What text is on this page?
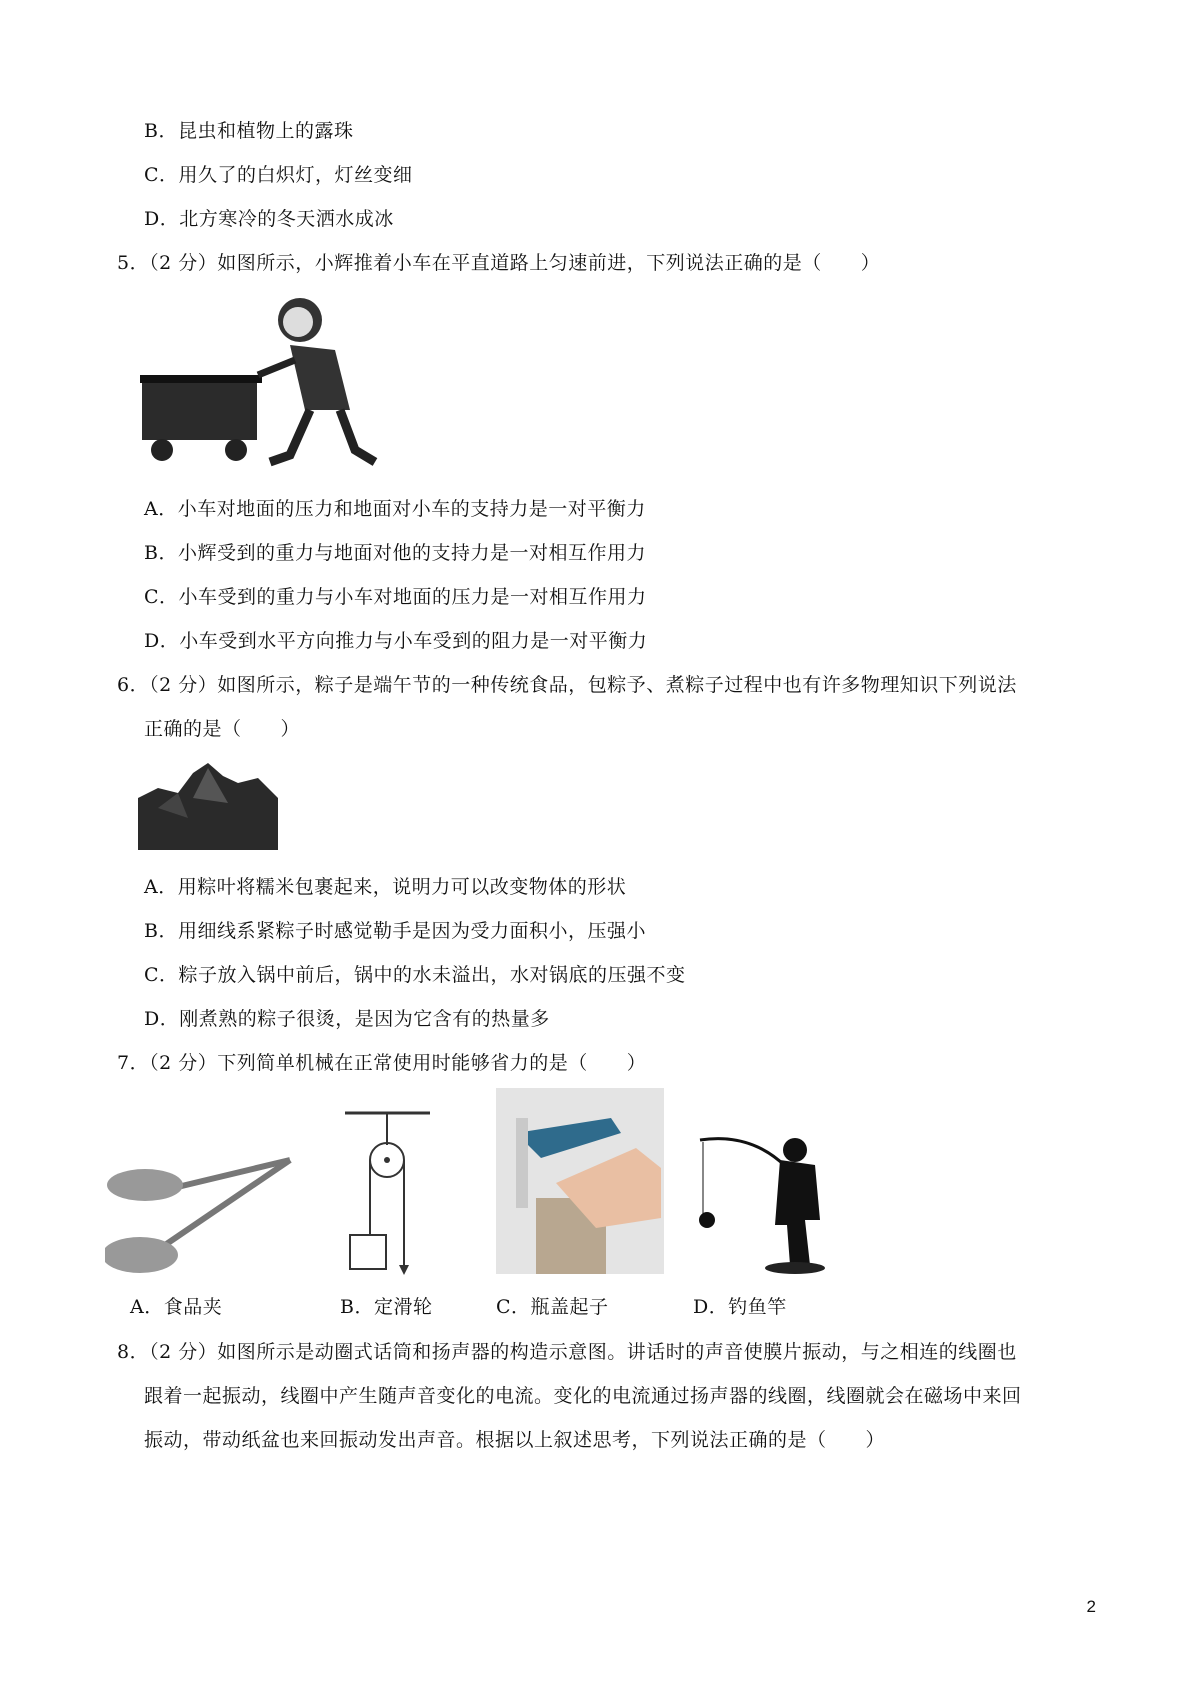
B．昆虫和植物上的露珠
C．用久了的白炽灯，灯丝变细
D．北方寒冷的冬天洒水成冰
5．（2 分）如图所示，小辉推着小车在平直道路上匀速前进，下列说法正确的是（　　）
A．小车对地面的压力和地面对小车的支持力是一对平衡力
B．小辉受到的重力与地面对他的支持力是一对相互作用力
C．小车受到的重力与小车对地面的压力是一对相互作用力
D．小车受到水平方向推力与小车受到的阻力是一对平衡力
6．（2 分）如图所示，粽子是端午节的一种传统食品，包粽予、煮粽子过程中也有许多物理知识下列说法
正确的是（　　）
A．用粽叶将糯米包裹起来，说明力可以改变物体的形状
B．用细线系紧粽子时感觉勒手是因为受力面积小，压强小
C．粽子放入锅中前后，锅中的水未溢出，水对锅底的压强不变
D．刚煮熟的粽子很烫，是因为它含有的热量多
7．（2 分）下列简单机械在正常使用时能够省力的是（　　）
A．食品夹	B．定滑轮	C．瓶盖起子	D．钓鱼竿
8．（2 分）如图所示是动圈式话筒和扬声器的构造示意图。讲话时的声音使膜片振动，与之相连的线圈也
跟着一起振动，线圈中产生随声音变化的电流。变化的电流通过扬声器的线圈，线圈就会在磁场中来回
振动，带动纸盆也来回振动发出声音。根据以上叙述思考，下列说法正确的是（　　）
2
